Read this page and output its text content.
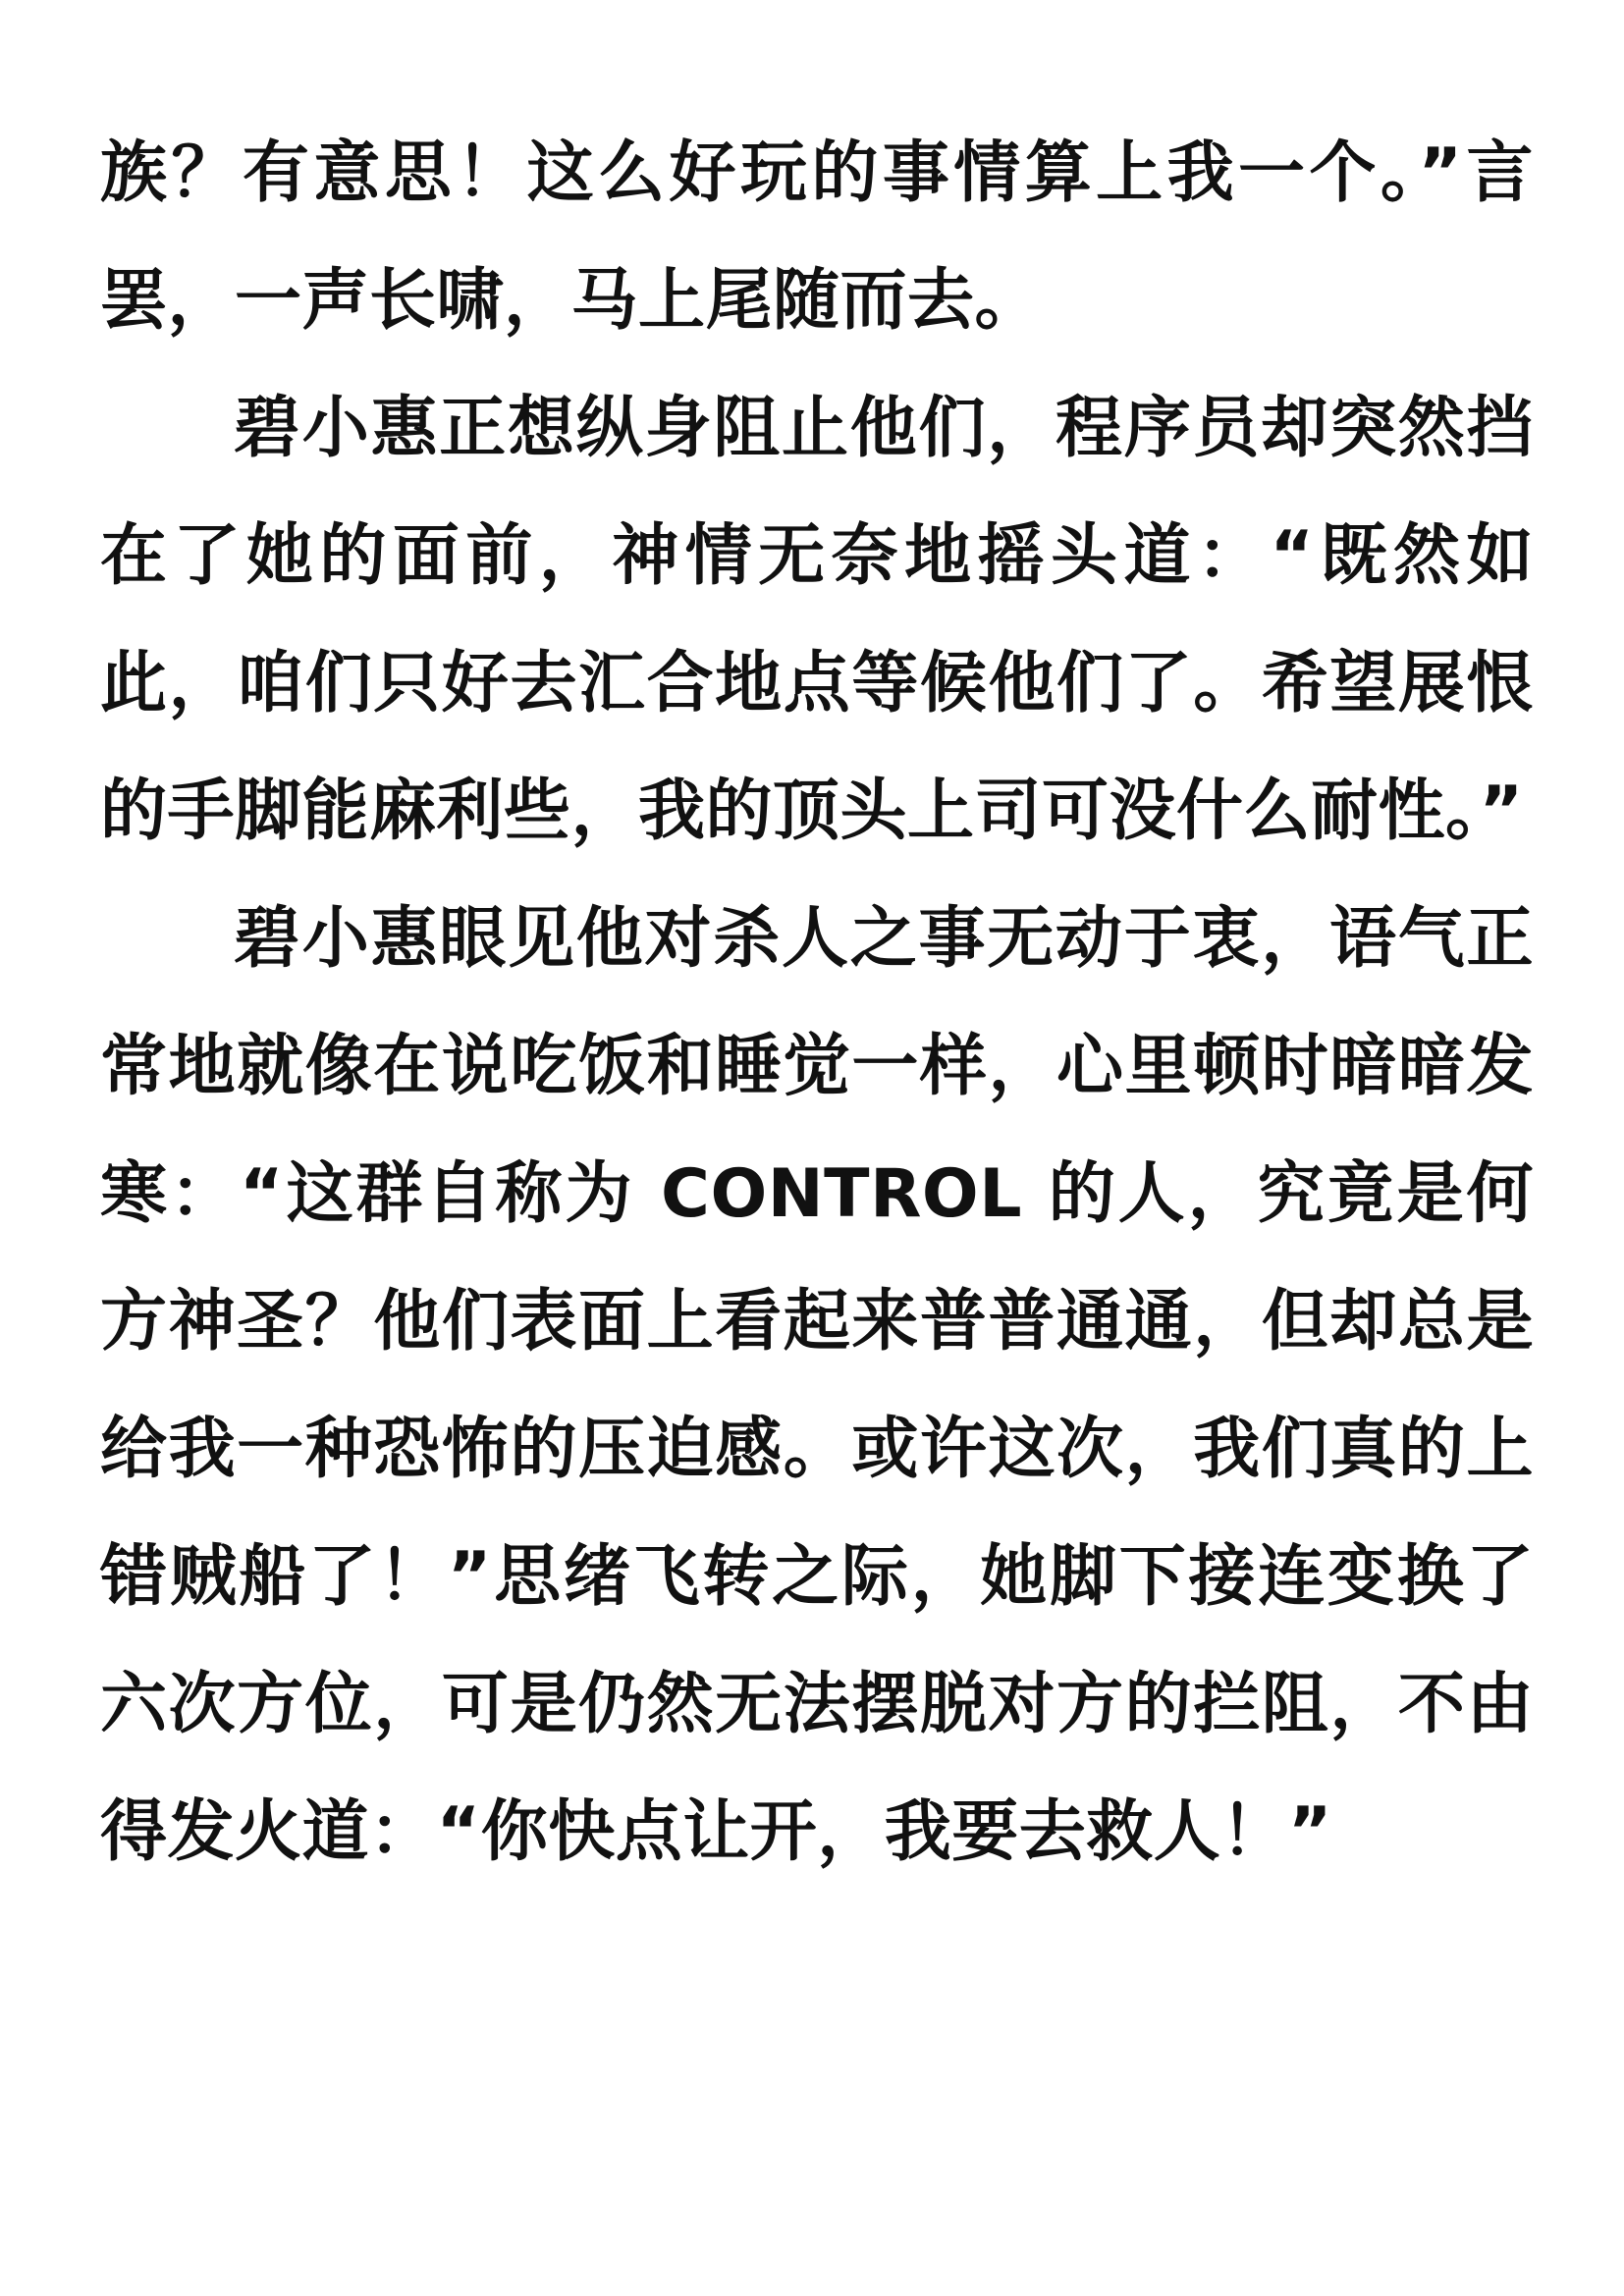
族？有意思！这么好玩的事情算上我一个。”言罢，一声长啸，马上尾随而去。

碧小惠正想纵身阻止他们，程序员却突然挡在了她的面前，神情无奈地摇头道：“既然如此，咱们只好去汇合地点等候他们了。希望展恨的手脚能麻利些，我的顶头上司可没什么耐性。”

碧小惠眼见他对杀人之事无动于衷，语气正常地就像在说吃饭和睡觉一样，心里顿时暗暗发寒：“这群自称为 CONTROL 的人，究竟是何方神圣？他们表面上看起来普普通通，但却总是给我一种恐怖的压迫感。或许这次，我们真的上错贼船了！”思绪飞转之际，她脚下接连变换了六次方位，可是仍然无法摆脱对方的拦阻，不由得发火道：“你快点让开，我要去救人！”
